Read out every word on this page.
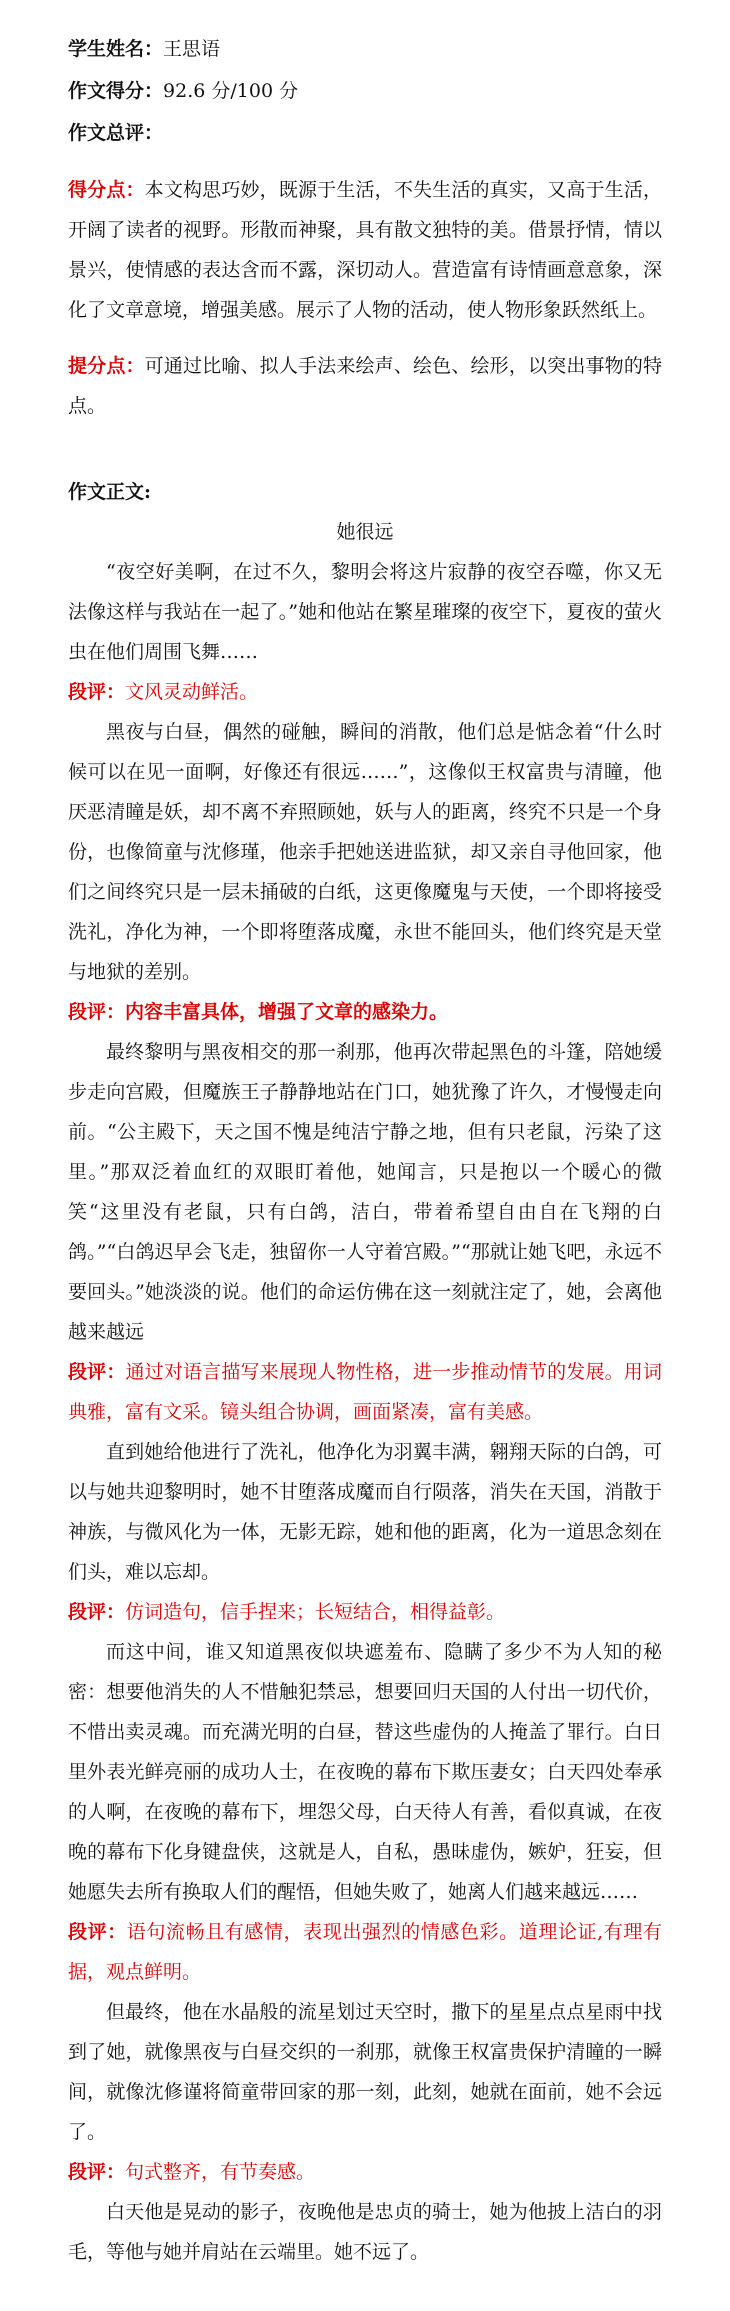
学生姓名：王思语
作文得分：92.6 分/100 分
作文总评：
得分点：本文构思巧妙，既源于生活，不失生活的真实，又高于生活，开阔了读者的视野。形散而神聚，具有散文独特的美。借景抒情，情以景兴，使情感的表达含而不露，深切动人。营造富有诗情画意意象，深化了文章意境，增强美感。展示了人物的活动，使人物形象跃然纸上。
提分点：可通过比喻、拟人手法来绘声、绘色、绘形，以突出事物的特点。
作文正文:
她很远

“夜空好美啊，在过不久，黎明会将这片寂静的夜空吞噬，你又无法像这样与我站在一起了。”她和他站在繁星璀璨的夜空下，夏夜的萤火虫在他们周围飞舞……

段评：文风灵动鲜活。

黑夜与白昼，偶然的碰触，瞬间的消散，他们总是惦念着“什么时候可以在见一面啊，好像还有很远……”，这像似王权富贵与清瞳，他厌恶清瞳是妖，却不离不弃照顾她，妖与人的距离，终究不只是一个身份，也像简童与沈修瑾，他亲手把她送进监狱，却又亲自寻他回家，他们之间终究只是一层未捅破的白纸，这更像魔鬼与天使，一个即将接受洗礼，净化为神，一个即将堕落成魔，永世不能回头，他们终究是天堂与地狱的差别。

段评：内容丰富具体，增强了文章的感染力。

最终黎明与黑夜相交的那一刹那，他再次带起黑色的斗篷，陪她缓步走向宫殿，但魔族王子静静地站在门口，她犹豫了许久，才慢慢走向前。“公主殿下，天之国不愧是纯洁宁静之地，但有只老鼠，污染了这里。”那双泛着血红的双眼盯着他，她闻言，只是抱以一个暖心的微笑“这里没有老鼠，只有白鸽，洁白，带着希望自由自在飞翔的白鸽。”“白鸽迟早会飞走，独留你一人守着宫殿。”“那就让她飞吧，永远不要回头。”她淡淡的说。他们的命运仿佛在这一刻就注定了，她，会离他越来越远

段评：通过对语言描写来展现人物性格，进一步推动情节的发展。用词典雅，富有文采。镜头组合协调，画面紧凑，富有美感。

直到她给他进行了洗礼，他净化为羽翼丰满，翱翔天际的白鸽，可以与她共迎黎明时，她不甘堕落成魔而自行陨落，消失在天国，消散于神族，与微风化为一体，无影无踪，她和他的距离，化为一道思念刻在们头，难以忘却。

段评：仿词造句，信手捏来；长短结合，相得益彰。

而这中间，谁又知道黑夜似块遮羞布、隐瞒了多少不为人知的秘密：想要他消失的人不惜触犯禁忌，想要回归天国的人付出一切代价，不惜出卖灵魂。而充满光明的白昼，替这些虚伪的人掩盖了罪行。白日里外表光鲜亮丽的成功人士，在夜晚的幕布下欺压妻女；白天四处奉承的人啊，在夜晚的幕布下，埋怨父母，白天待人有善，看似真诚，在夜晚的幕布下化身键盘侠，这就是人，自私，愚昧虚伪，嫉妒，狂妄，但她愿失去所有换取人们的醒悟，但她失败了，她离人们越来越远……

段评：语句流畅且有感情，表现出强烈的情感色彩。道理论证,有理有据，观点鲜明。

但最终，他在水晶般的流星划过天空时，撒下的星星点点星雨中找到了她，就像黑夜与白昼交织的一刹那，就像王权富贵保护清瞳的一瞬间，就像沈修谨将简童带回家的那一刻，此刻，她就在面前，她不会远了。

段评：句式整齐，有节奏感。

白天他是晃动的影子，夜晚他是忠贞的骑士，她为他披上洁白的羽毛，等他与她并肩站在云端里。她不远了。
